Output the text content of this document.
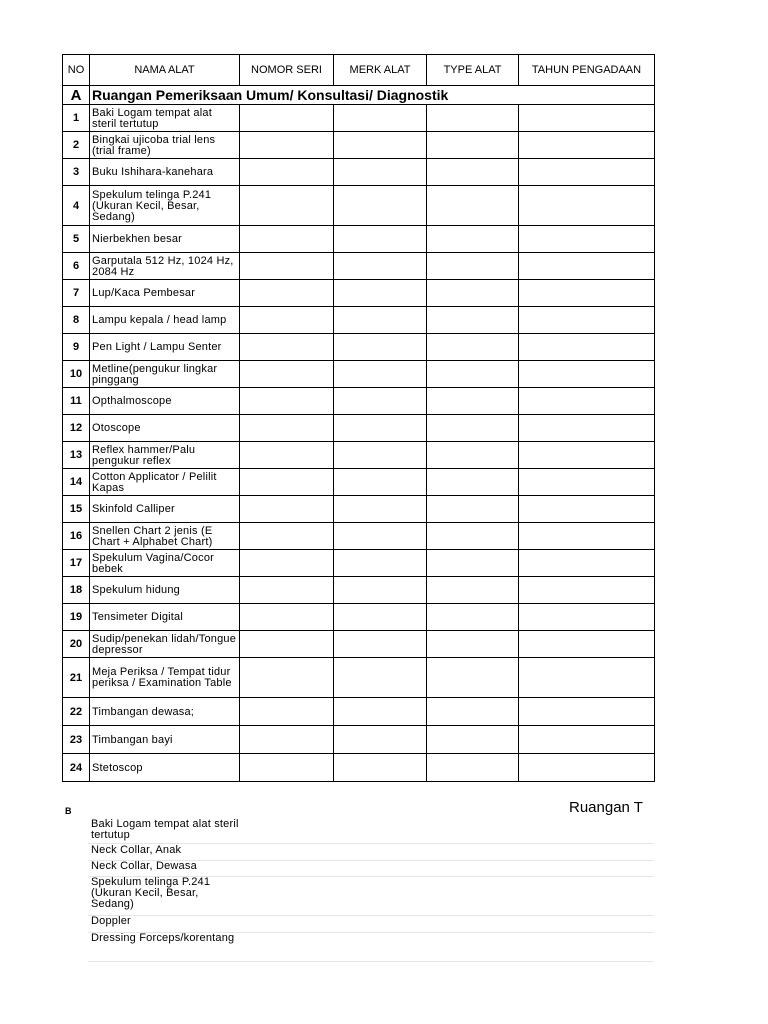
NO	NAMA ALAT	NOMOR SERI	MERK ALAT	TYPE ALAT	TAHUN PENGADAAN
A	Ruangan Pemeriksaan Umum/ Konsultasi/ Diagnostik				
1	Baki Logam tempat alat steril tertutup				
2	Bingkai ujicoba trial lens (trial frame)				
3	Buku Ishihara-kanehara				
4	Spekulum telinga P.241 (Ukuran Kecil, Besar, Sedang)				
5	Nierbekhen besar				
6	Garputala 512 Hz, 1024 Hz, 2084 Hz				
7	Lup/Kaca Pembesar				
8	Lampu kepala / head lamp				
9	Pen Light / Lampu Senter				
10	Metline(pengukur lingkar pinggang				
11	Opthalmoscope				
12	Otoscope				
13	Reflex hammer/Palu pengukur reflex				
14	Cotton Applicator / Pelilit Kapas				
15	Skinfold Calliper				
16	Snellen Chart 2 jenis (E Chart + Alphabet Chart)				
17	Spekulum Vagina/Cocor bebek				
18	Spekulum hidung				
19	Tensimeter Digital				
20	Sudip/penekan lidah/Tongue depressor				
21	Meja Periksa / Tempat tidur periksa / Examination Table				
22	Timbangan dewasa;				
23	Timbangan bayi				
24	Stetoscop				
B	Ruangan T
Baki Logam tempat alat steril tertutup
Neck Collar, Anak
Neck Collar, Dewasa
Spekulum telinga P.241 (Ukuran Kecil, Besar, Sedang)
Doppler
Dressing Forceps/korentang
